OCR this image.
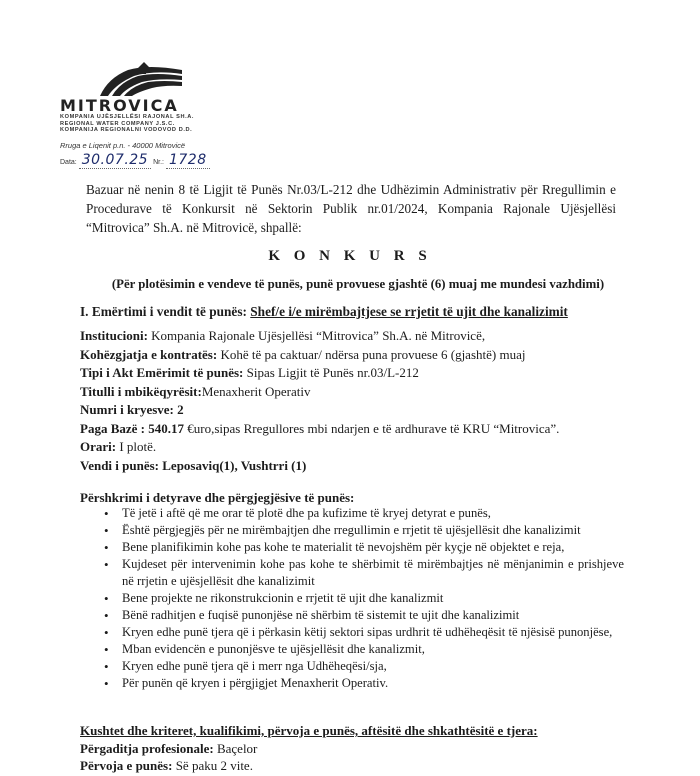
MITROVICA
KOMPANIA UJËSJELLËSI RAJONAL SH.A.
REGIONAL WATER COMPANY J.S.C.
KOMPANIJA REGIONALNI VODOVOD D.D.
Rruga e Liqenit p.n. - 40000 Mitrovicë
Data: 30.07.25 Nr.: 1728
Bazuar në nenin 8 të Ligjit të Punës Nr.03/L-212 dhe Udhëzimin Administrativ për Rregullimin e Procedurave të Konkursit në Sektorin Publik nr.01/2024, Kompania Rajonale Ujësjellësi “Mitrovica” Sh.A. në Mitrovicë, shpallë:
K O N K U R S
(Për plotësimin e vendeve të punës, punë provuese gjashtë (6) muaj me mundesi vazhdimi)
I. Emërtimi i vendit të punës: Shef/e i/e mirëmbajtjese se rrjetit të ujit dhe kanalizimit
Institucioni: Kompania Rajonale Ujësjellësi “Mitrovica” Sh.A. në Mitrovicë,
Kohëzgjatja e kontratës: Kohë të pa caktuar/ ndërsa puna provuese 6 (gjashtë) muaj
Tipi i Akt Emërimit të punës: Sipas Ligjit të Punës nr.03/L-212
Titulli i mbikëqyrësit:Menaxherit Operativ
Numri i kryesve: 2
Paga Bazë : 540.17 €uro,sipas Rregullores mbi ndarjen e të ardhurave të KRU “Mitrovica”.
Orari: I plotë.
Vendi i punës: Leposaviq(1), Vushtrri (1)
Përshkrimi i detyrave dhe përgjegjësive të punës:
• Të jetë i aftë që me orar të plotë dhe pa kufizime të kryej detyrat e punës,
• Është përgjegjës për ne mirëmbajtjen dhe rregullimin e rrjetit të ujësjellësit dhe kanalizimit
• Bene planifikimin kohe pas kohe te materialit të nevojshëm për kyçje në objektet e reja,
• Kujdeset për intervenimin kohe pas kohe te shërbimit të mirëmbajtjes në mënjanimin e prishjeve në rrjetin e ujësjellësit dhe kanalizimit
• Bene projekte ne rikonstrukcionin e rrjetit të ujit dhe kanalizmit
• Bënë radhitjen e fuqisë punonjëse në shërbim të sistemit te ujit dhe kanalizimit
• Kryen edhe punë tjera që i përkasin këtij sektori sipas urdhrit të udhëheqësit të njësisë punonjëse,
• Mban evidencën e punonjësve te ujësjellësit dhe kanalizmit,
• Kryen edhe punë tjera që i merr nga Udhëheqësi/sja,
• Për punën që kryen i përgjigjet Menaxherit Operativ.
Kushtet dhe kriteret, kualifikimi, përvoja e punës, aftësitë dhe shkathtësitë e tjera:
Përgaditja profesionale: Baçelor
Përvoja e punës: Së paku 2 vite.
